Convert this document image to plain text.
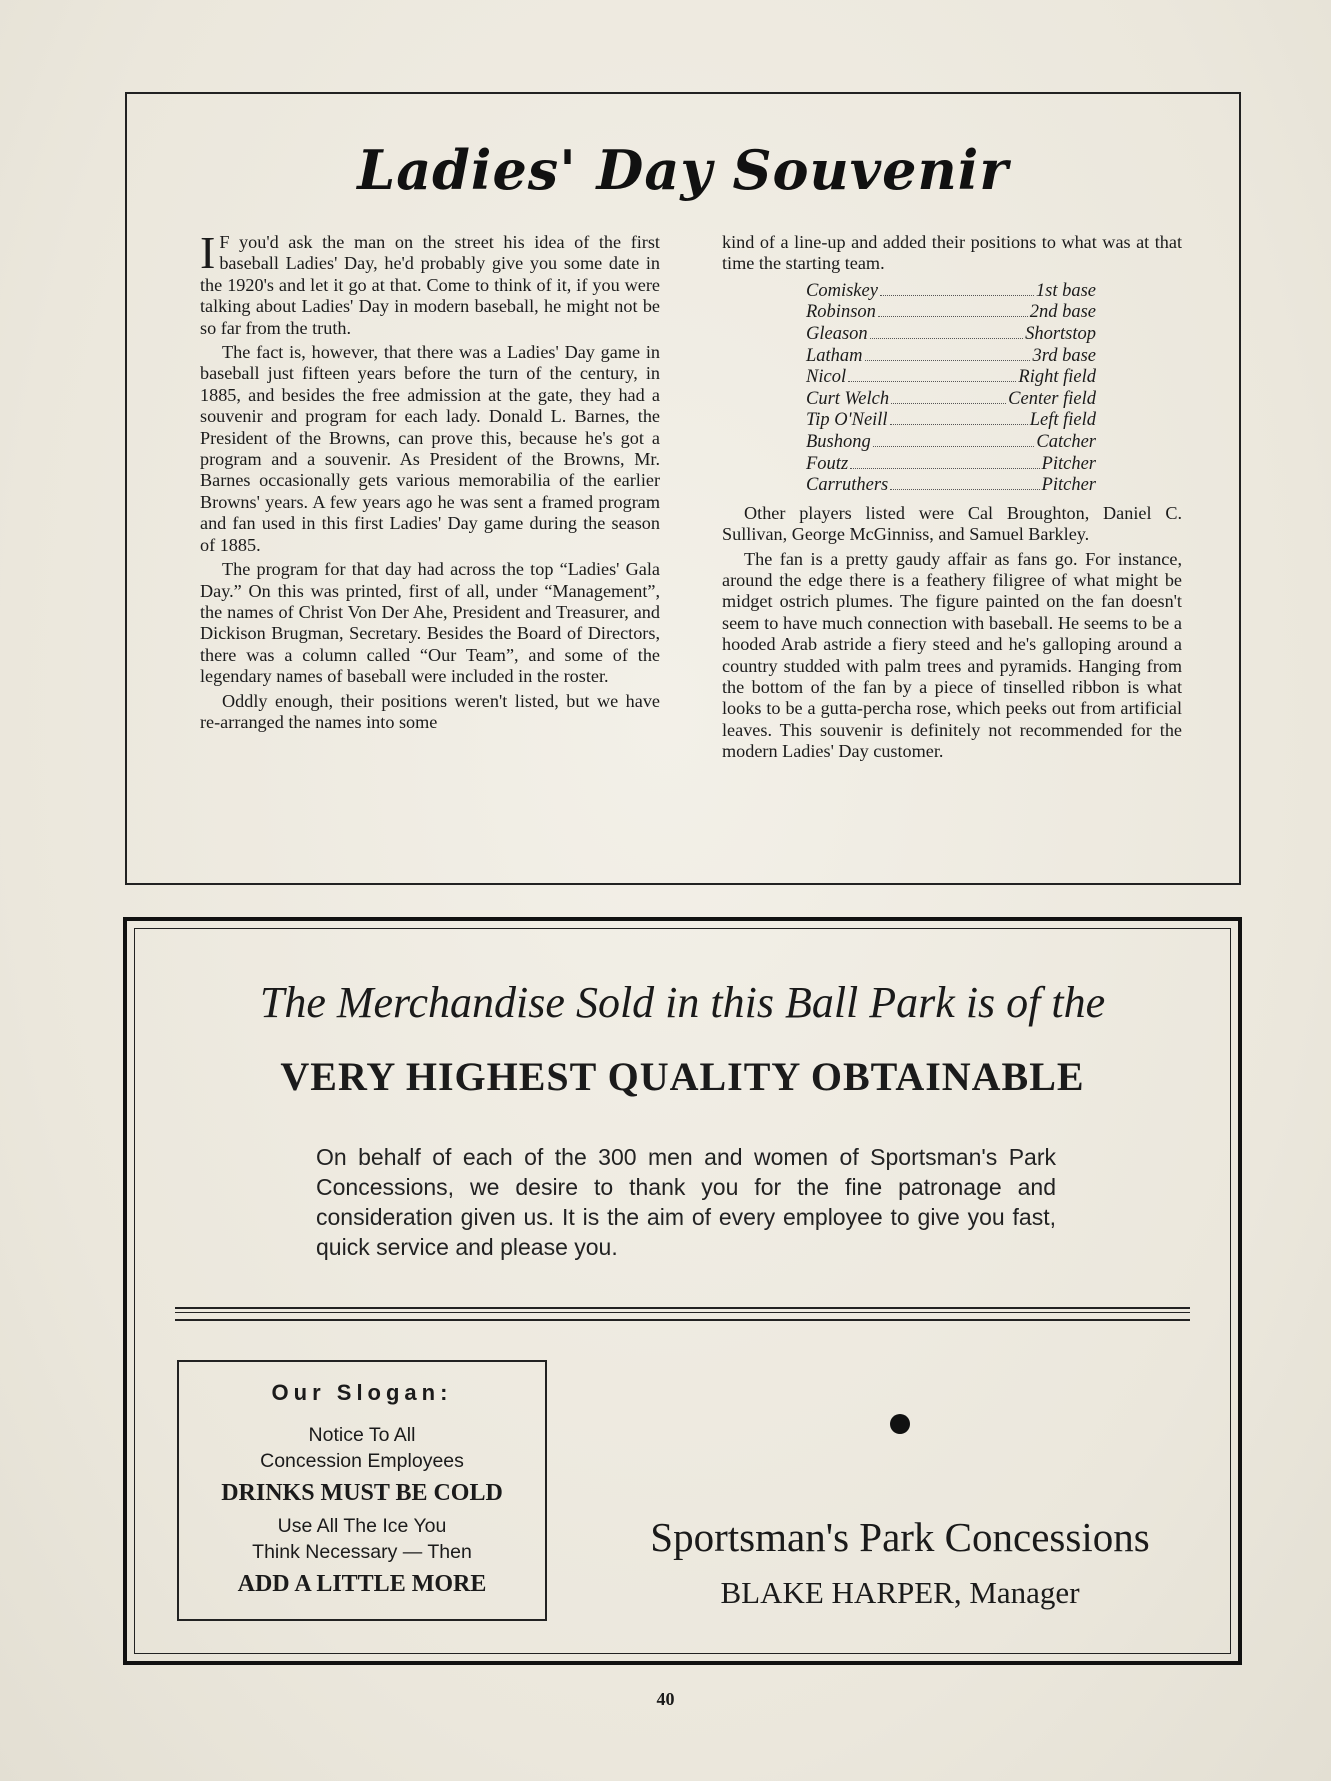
Ladies' Day Souvenir

I F you'd ask the man on the street his idea of the first baseball Ladies' Day, he'd probably give you some date in the 1920's and let it go at that. Come to think of it, if you were talking about Ladies' Day in modern baseball, he might not be so far from the truth.

The fact is, however, that there was a Ladies' Day game in baseball just fifteen years before the turn of the century, in 1885, and besides the free admission at the gate, they had a souvenir and program for each lady. Donald L. Barnes, the President of the Browns, can prove this, because he's got a program and a souvenir. As President of the Browns, Mr. Barnes occasionally gets various memorabilia of the earlier Browns' years. A few years ago he was sent a framed program and fan used in this first Ladies' Day game during the season of 1885.

The program for that day had across the top “Ladies' Gala Day.” On this was printed, first of all, under “Management”, the names of Christ Von Der Ahe, President and Treasurer, and Dickison Brugman, Secretary. Besides the Board of Directors, there was a column called “Our Team”, and some of the legendary names of baseball were included in the roster.

Oddly enough, their positions weren't listed, but we have re-arranged the names into some

kind of a line-up and added their positions to what was at that time the starting team.

Comiskey	1st base
Robinson	2nd base
Gleason	Shortstop
Latham	3rd base
Nicol	Right field
Curt Welch	Center field
Tip O'Neill	Left field
Bushong	Catcher
Foutz	Pitcher
Carruthers	Pitcher

Other players listed were Cal Broughton, Daniel C. Sullivan, George McGinniss, and Samuel Barkley.

The fan is a pretty gaudy affair as fans go. For instance, around the edge there is a feathery filigree of what might be midget ostrich plumes. The figure painted on the fan doesn't seem to have much connection with baseball. He seems to be a hooded Arab astride a fiery steed and he's galloping around a country studded with palm trees and pyramids. Hanging from the bottom of the fan by a piece of tinselled ribbon is what looks to be a gutta-percha rose, which peeks out from artificial leaves. This souvenir is definitely not recommended for the modern Ladies' Day customer.

The Merchandise Sold in this Ball Park is of the
VERY HIGHEST QUALITY OBTAINABLE
On behalf of each of the 300 men and women of Sportsman's Park Concessions, we desire to thank you for the fine patronage and consideration given us. It is the aim of every employee to give you fast, quick service and please you.
Our Slogan:
Notice To All
Concession Employees
DRINKS MUST BE COLD
Use All The Ice You
Think Necessary — Then
ADD A LITTLE MORE
Sportsman's Park Concessions
BLAKE HARPER, Manager
40
